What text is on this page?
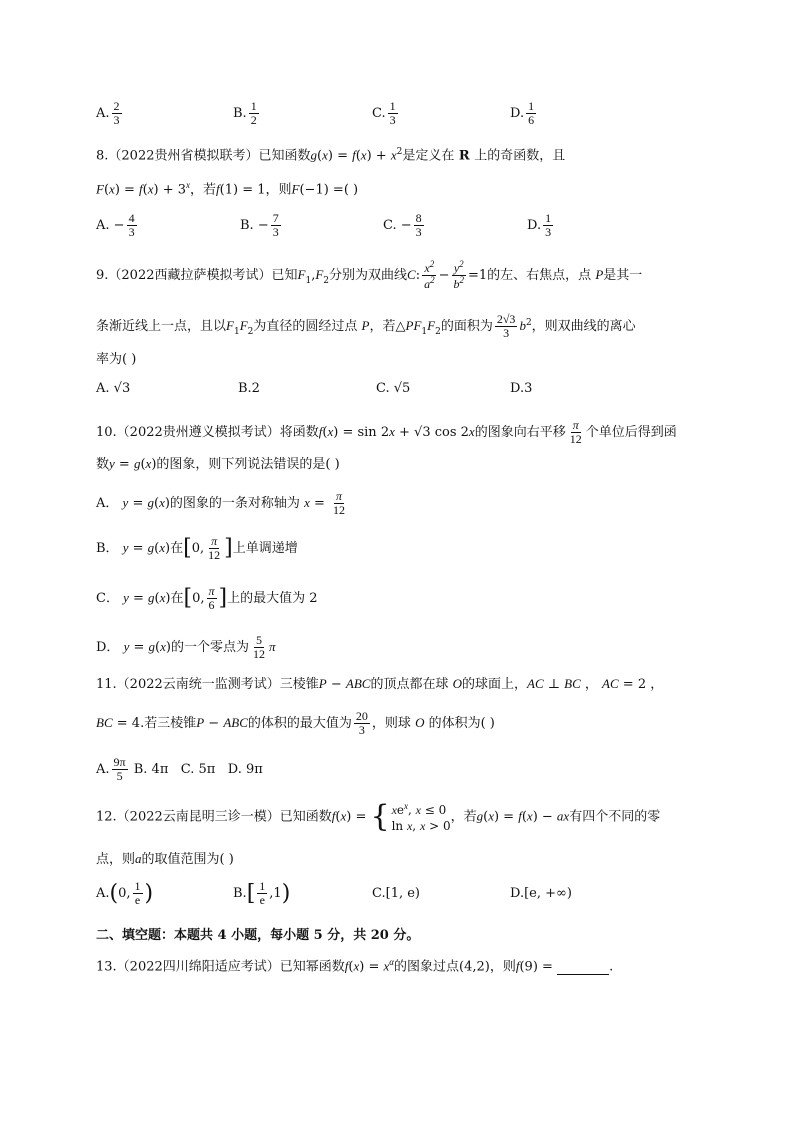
A. $\frac{2}{3}$	B. $\frac{1}{2}$	C. $\frac{1}{3}$	D. $\frac{1}{6}$
8.（2022贵州省模拟联考）已知函数$g(x) = f(x) + x^2$是定义在 R 上的奇函数，且
$F(x) = f(x) + 3^x$，若f(1) = 1，则F(−1) =( )
A. − $\frac{4}{3}$	B. − $\frac{7}{3}$	C. − $\frac{8}{3}$	D. $\frac{1}{3}$
9.（2022西藏拉萨模拟考试）已知$F_1,F_2$分别为双曲线C: $\frac{x^2}{a^2} - \frac{y^2}{b^2} =1$的左、右焦点，点 P是其一
条渐近线上一点，且以$F_1F_2$为直径的圆经过点 P，若$\triangle PF_1F_2$的面积为 $\frac{2√3}{3} b^2$，则双曲线的离心
率为( )
A. √3	B.2	C. √5	D.3
10.（2022贵州遵义模拟考试）将函数f(x) = sin 2x + √3 cos 2x的图象向右平移 $\frac{\pi}{12}$ 个单位后得到函
数y = g(x)的图象，则下列说法错误的是( )
A． y = g(x)的图象的一条对称轴为 $x = \frac{\pi}{12}$
B． y = g(x)在[0, $\frac{\pi}{12}$ ]上单调递增
C． y = g(x)在[0, $\frac{\pi}{6}$ ]上的最大值为 2
D． y = g(x)的一个零点为 $\frac{5}{12}$ π
11.（2022云南统一监测考试）三棱锥P − ABC的顶点都在球 O的球面上，AC ⊥ BC ， AC = 2 ，
BC = 4.若三棱锥P − ABC的体积的最大值为 $\frac{20}{3}$ ，则球 O 的体积为( )
A. $\frac{9\pi}{5} B$. 4π C. 5π D. 9π
12.（2022云南昆明三诊一模）已知函数f(x) = { $xe^x$, x ≤ 0
ln x, x > 0
，若g(x) = f(x) − ax有四个不同的零
点，则a的取值范围为( )
A.(0, $\frac{1}{e}$ )	$B.[ \frac{1}{e} ,1)$	C.[1, e)	D.[e, +∞)
二、填空题：本题共 4 小题，每小题 5 分，共 20 分。
13.（2022四川绵阳适应考试）已知幂函数$f(x) = x^\alpha$的图象过点(4,2)，则f(9) =	.
